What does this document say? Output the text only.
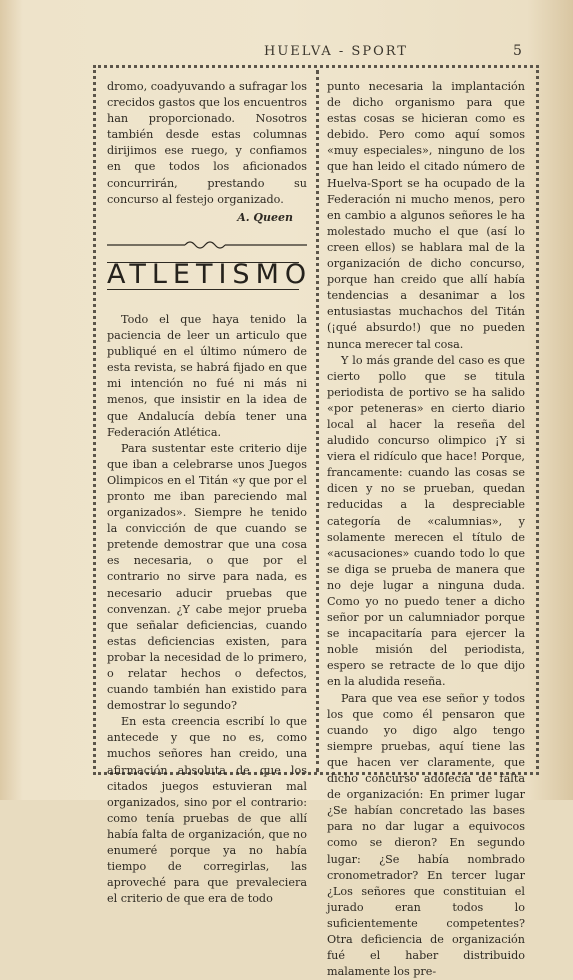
HUELVA - SPORT	5

dromo, coadyuvando a sufragar los crecidos gastos que los encuentros han proporcionado. Nosotros también desde estas columnas dirijimos ese ruego, y confiamos en que todos los aficionados concurrirán, prestando su concurso al festejo organizado.

A. Queen
ATLETISMO

Todo el que haya tenido la paciencia de leer un articulo que publiqué en el último número de esta revista, se habrá fijado en que mi intención no fué ni más ni menos, que insistir en la idea de que Andalucía debía tener una Federación Atlética.

Para sustentar este criterio dije que iban a celebrarse unos Juegos Olimpicos en el Titán «y que por el pronto me iban pareciendo mal organizados». Siempre he tenido la convicción de que cuando se pretende demostrar que una cosa es necesaria, o que por el contrario no sirve para nada, es necesario aducir pruebas que convenzan. ¿Y cabe mejor prueba que señalar deficiencias, cuando estas deficiencias existen, para probar la necesidad de lo primero, o relatar hechos o defectos, cuando también han existido para demostrar lo segundo?

En esta creencia escribí lo que antecede y que no es, como muchos señores han creido, una afirmación absoluta de que los citados juegos estuvieran mal organizados, sino por el contrario: como tenía pruebas de que allí había falta de organización, que no enumeré porque ya no había tiempo de corregirlas, las aproveché para que prevaleciera el criterio de que era de todo

punto necesaria la implantación de dicho organismo para que estas cosas se hicieran como es debido. Pero como aquí somos «muy especiales», ninguno de los que han leido el citado número de Huelva-Sport se ha ocupado de la Federación ni mucho menos, pero en cambio a algunos señores le ha molestado mucho el que (así lo creen ellos) se hablara mal de la organización de dicho concurso, porque han creido que allí había tendencias a desanimar a los entusiastas muchachos del Titán (¡qué absurdo!) que no pueden nunca merecer tal cosa.

Y lo más grande del caso es que cierto pollo que se titula periodista de portivo se ha salido «por peteneras» en cierto diario local al hacer la reseña del aludido concurso olimpico ¡Y si viera el ridículo que hace! Porque, francamente: cuando las cosas se dicen y no se prueban, quedan reducidas a la despreciable categoría de «calumnias», y solamente merecen el título de «acusaciones» cuando todo lo que se diga se prueba de manera que no deje lugar a ninguna duda. Como yo no puedo tener a dicho señor por un calumniador porque se incapacitaría para ejercer la noble misión del periodista, espero se retracte de lo que dijo en la aludida reseña.

Para que vea ese señor y todos los que como él pensaron que cuando yo digo algo tengo siempre pruebas, aquí tiene las que hacen ver claramente, que dicho concurso adolecía de falta de organización: En primer lugar ¿Se habían concretado las bases para no dar lugar a equivocos como se dieron? En segundo lugar: ¿Se había nombrado cronometrador? En tercer lugar ¿Los señores que constituian el jurado eran todos lo suficientemente competentes? Otra deficiencia de organización fué el haber distribuido malamente los pre-
